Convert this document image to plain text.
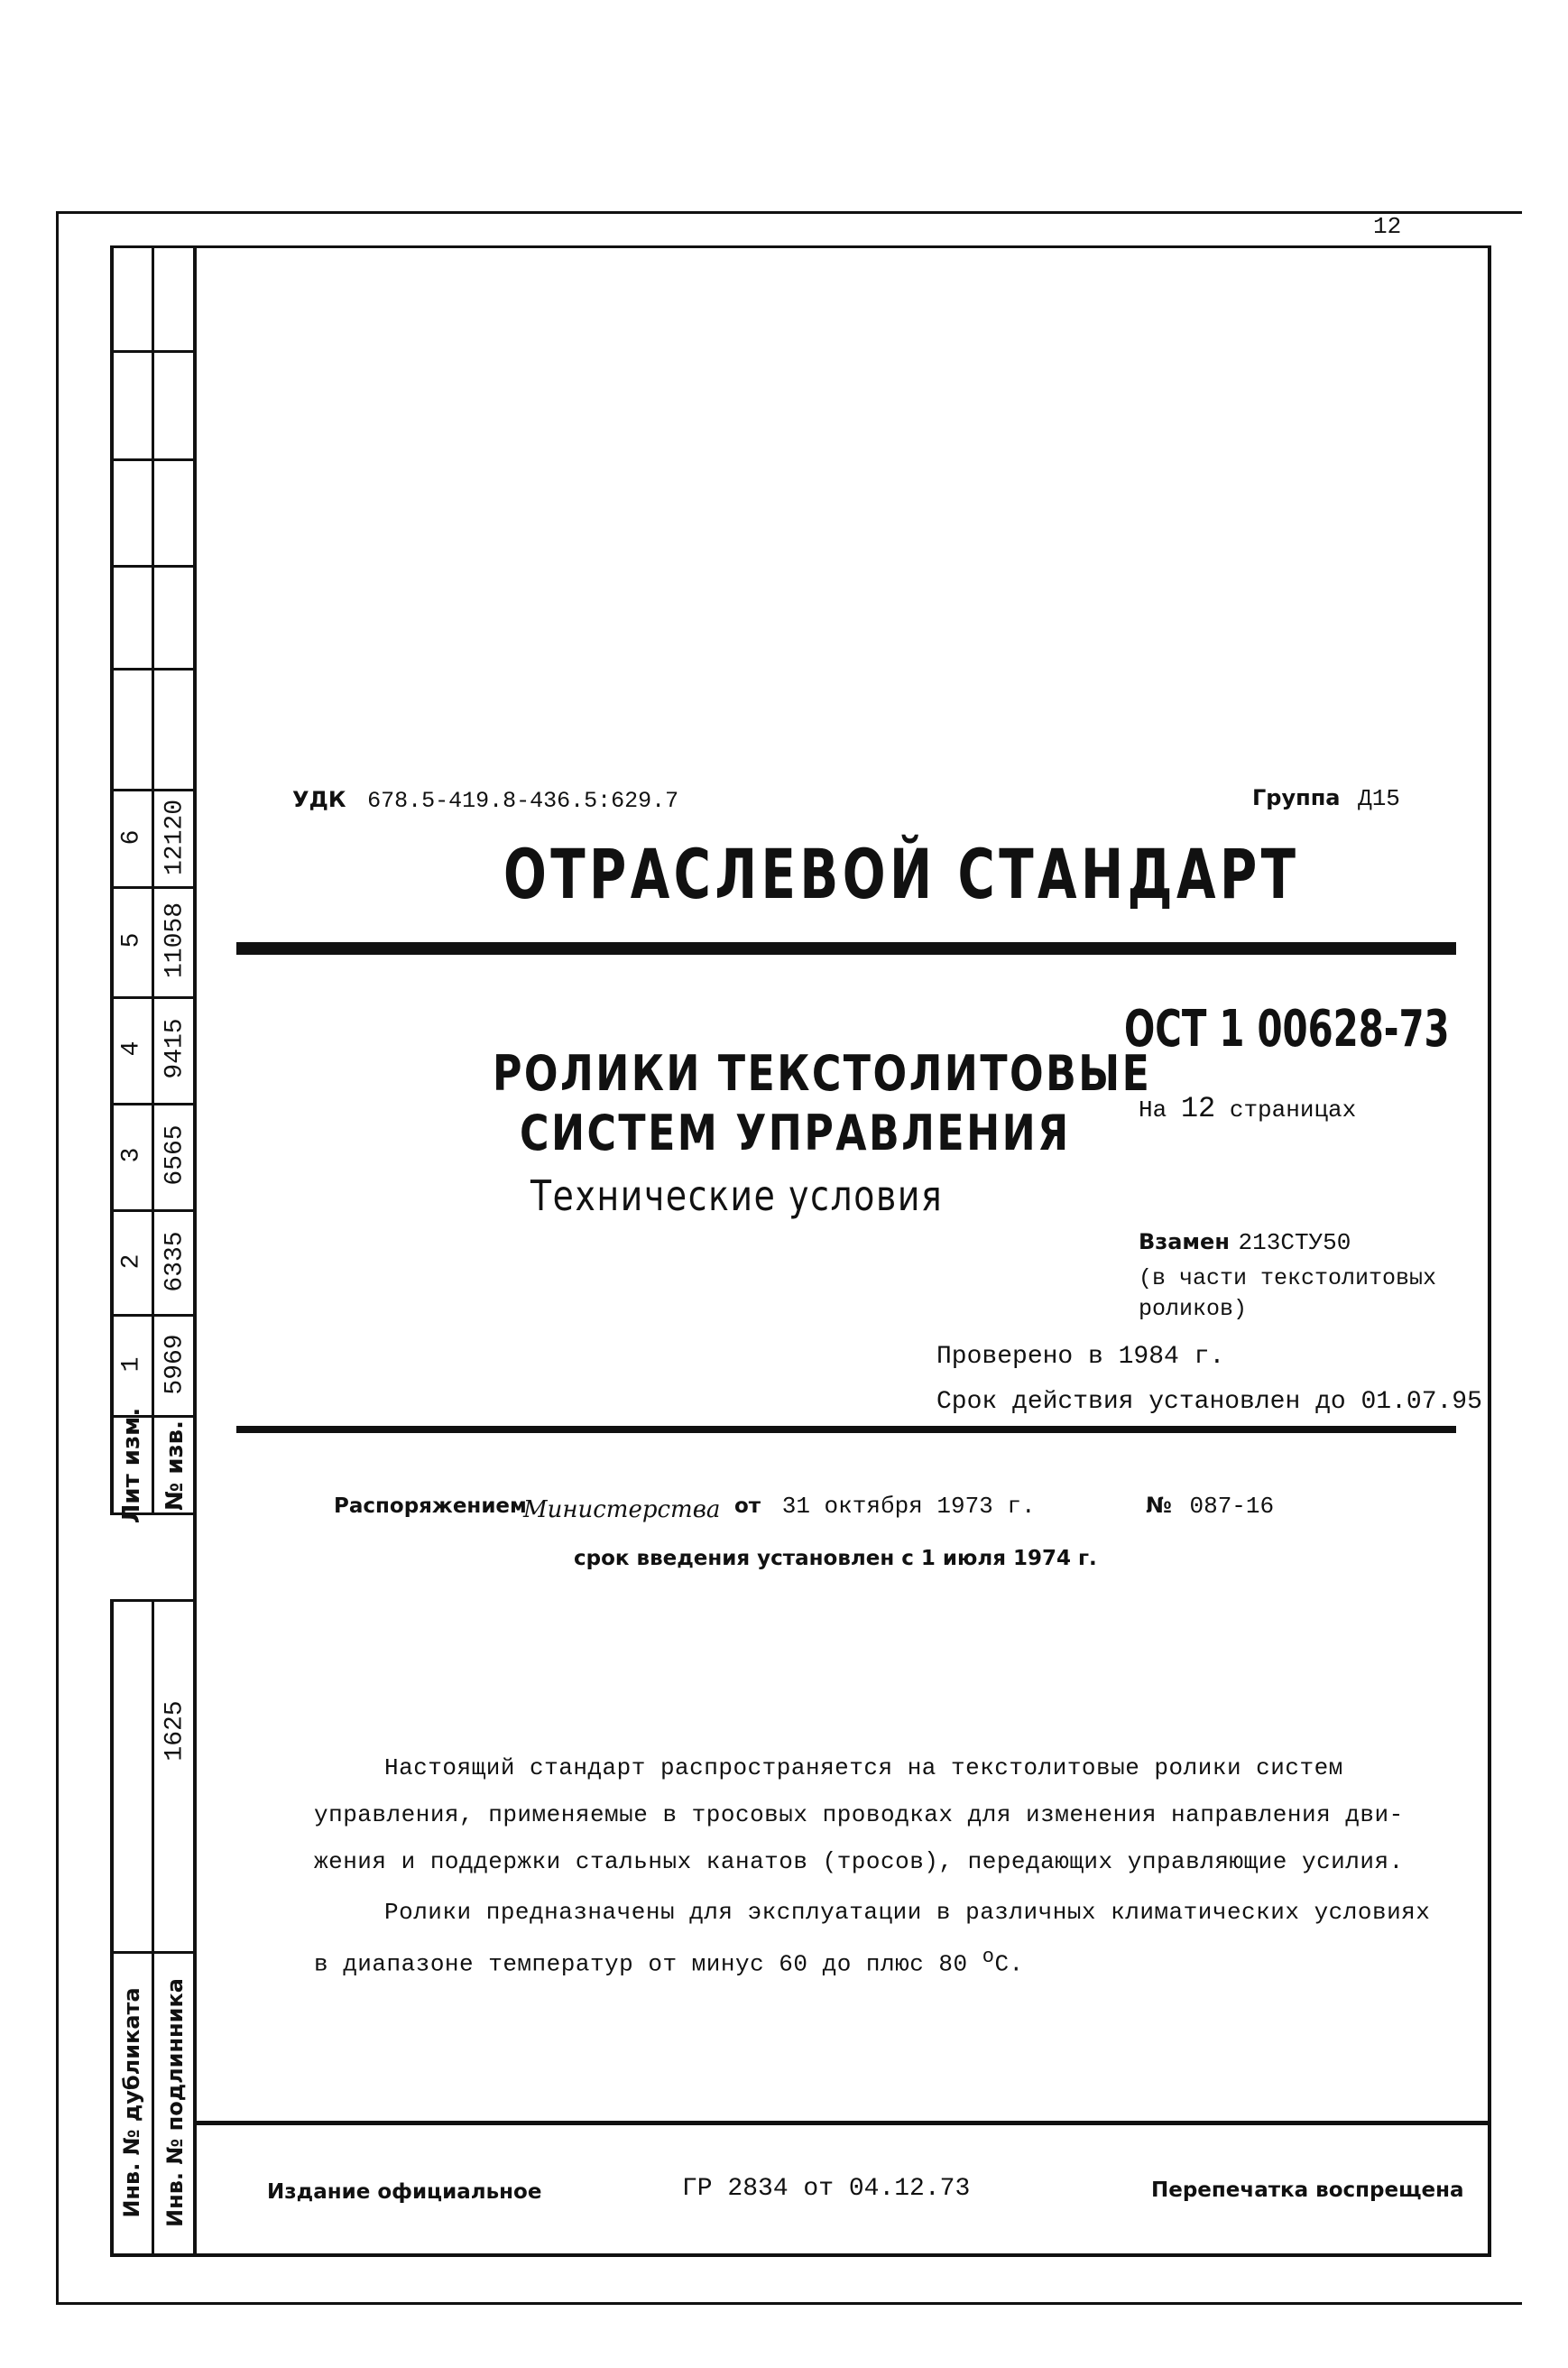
12
6 12120
5 11058
4 9415
3 6565
2 6335
1 5969
Лит изм. № изв.
1625
Инв. № подлинника
Инв. № дубликата
УДК 678.5-419.8-436.5:629.7	Группа Д15
ОТРАСЛЕВОЙ СТАНДАРТ
РОЛИКИ ТЕКСТОЛИТОВЫЕ
СИСТЕМ УПРАВЛЕНИЯ
Технические условия
ОСТ 1 00628-73
На 12 страницах
Взамен 213СТУ50
(в части текстолитовых
роликов)
Проверено в 1984 г.
Срок действия установлен до 01.07.95
Распоряжением
Министерства от 31 октября 1973 г.	№ 087-16
срок введения установлен с 1 июля 1974 г.
Настоящий стандарт распространяется на текстолитовые ролики систем
управления, применяемые в тросовых проводках для изменения направления дви-
жения и поддержки стальных канатов (тросов), передающих управляющие усилия.
Ролики предназначены для эксплуатации в различных климатических условиях
в диапазоне температур от минус 60 до плюс 80 $^о$С.
Издание официальное	ГР 2834 от 04.12.73	Перепечатка воспрещена
